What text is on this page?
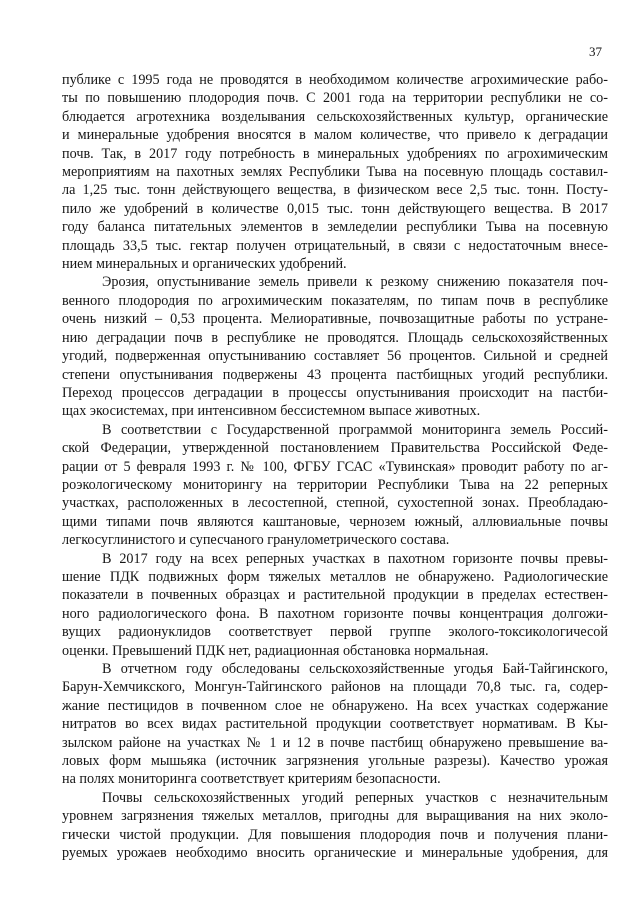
37
публике с 1995 года не проводятся в необходимом количестве агрохимические рабо-
ты по повышению плодородия почв. С 2001 года на территории республики не со-
блюдается агротехника возделывания сельскохозяйственных культур, органические
и минеральные удобрения вносятся в малом количестве, что привело к деградации
почв. Так, в 2017 году потребность в минеральных удобрениях по агрохимическим
мероприятиям на пахотных землях Республики Тыва на посевную площадь составил-
ла 1,25 тыс. тонн действующего вещества, в физическом весе 2,5 тыс. тонн. Посту-
пило же удобрений в количестве 0,015 тыс. тонн действующего вещества. В 2017
году баланса питательных элементов в земледелии республики Тыва на посевную
площадь 33,5 тыс. гектар получен отрицательный, в связи с недостаточным внесе-
нием минеральных и органических удобрений.
Эрозия, опустынивание земель привели к резкому снижению показателя поч-
венного плодородия по агрохимическим показателям, по типам почв в республике
очень низкий – 0,53 процента. Мелиоративные, почвозащитные работы по устране-
нию деградации почв в республике не проводятся. Площадь сельскохозяйственных
угодий, подверженная опустыниванию составляет 56 процентов. Сильной и средней
степени опустынивания подвержены 43 процента пастбищных угодий республики.
Переход процессов деградации в процессы опустынивания происходит на пастби-
щах экосистемах, при интенсивном бессистемном выпасе животных.
В соответствии с Государственной программой мониторинга земель Россий-
ской Федерации, утвержденной постановлением Правительства Российской Феде-
рации от 5 февраля 1993 г. № 100, ФГБУ ГСАС «Тувинская» проводит работу по аг-
роэкологическому мониторингу на территории Республики Тыва на 22 реперных
участках, расположенных в лесостепной, степной, сухостепной зонах. Преобладаю-
щими типами почв являются каштановые, чернозем южный, аллювиальные почвы
легкосуглинистого и супесчаного гранулометрического состава.
В 2017 году на всех реперных участках в пахотном горизонте почвы превы-
шение ПДК подвижных форм тяжелых металлов не обнаружено. Радиологические
показатели в почвенных образцах и растительной продукции в пределах естествен-
ного радиологического фона. В пахотном горизонте почвы концентрация долгожи-
вущих радионуклидов соответствует первой группе эколого-токсикологичесой
оценки. Превышений ПДК нет, радиационная обстановка нормальная.
В отчетном году обследованы сельскохозяйственные угодья Бай-Тайгинского,
Барун-Хемчикского, Монгун-Тайгинского районов на площади 70,8 тыс. га, содер-
жание пестицидов в почвенном слое не обнаружено. На всех участках содержание
нитратов во всех видах растительной продукции соответствует нормативам. В Кы-
зылском районе на участках № 1 и 12 в почве пастбищ обнаружено превышение ва-
ловых форм мышьяка (источник загрязнения угольные разрезы). Качество урожая
на полях мониторинга соответствует критериям безопасности.
Почвы сельскохозяйственных угодий реперных участков с незначительным
уровнем загрязнения тяжелых металлов, пригодны для выращивания на них эколо-
гически чистой продукции. Для повышения плодородия почв и получения плани-
руемых урожаев необходимо вносить органические и минеральные удобрения, для
